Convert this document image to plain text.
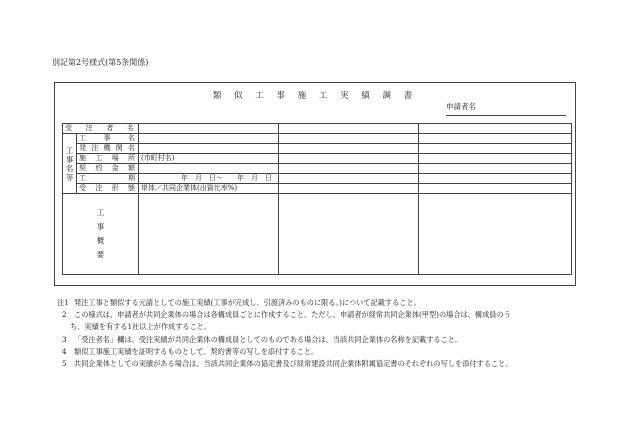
別記第2号様式(第5条関係)
類 似 工 事 施 工 実 績 調 書
申請者名
受 注 者 名				

工
事
名
等	工　事　名			
	発注機関名			
	施 工 場 所	(市町村名)		
	契 約 金 額			
	工　　　期	年　月　日～　　年　月　日		
	受 注 形 態	単体／共同企業体(出資比率%)		

工
事
概
要				

注1 発注工事と類似する元請としての施工実績(工事が完成し、引渡済みのものに限る。)について記載すること。
2 この様式は、申請者が共同企業体の場合は各構成員ごとに作成すること。ただし、申請者が経常共同企業体(甲型)の場合は、構成員のう
ち、実績を有する1社以上が作成すること。
3 「受注者名」欄は、受注実績が共同企業体の構成員としてのものである場合は、当該共同企業体の名称を記載すること。
4 類似工事施工実績を証明するものとして、契約書等の写しを添付すること。
5 共同企業体としての実績がある場合は、当該共同企業体の協定書及び経常建設共同企業体附属協定書のそれぞれの写しを添付すること。
